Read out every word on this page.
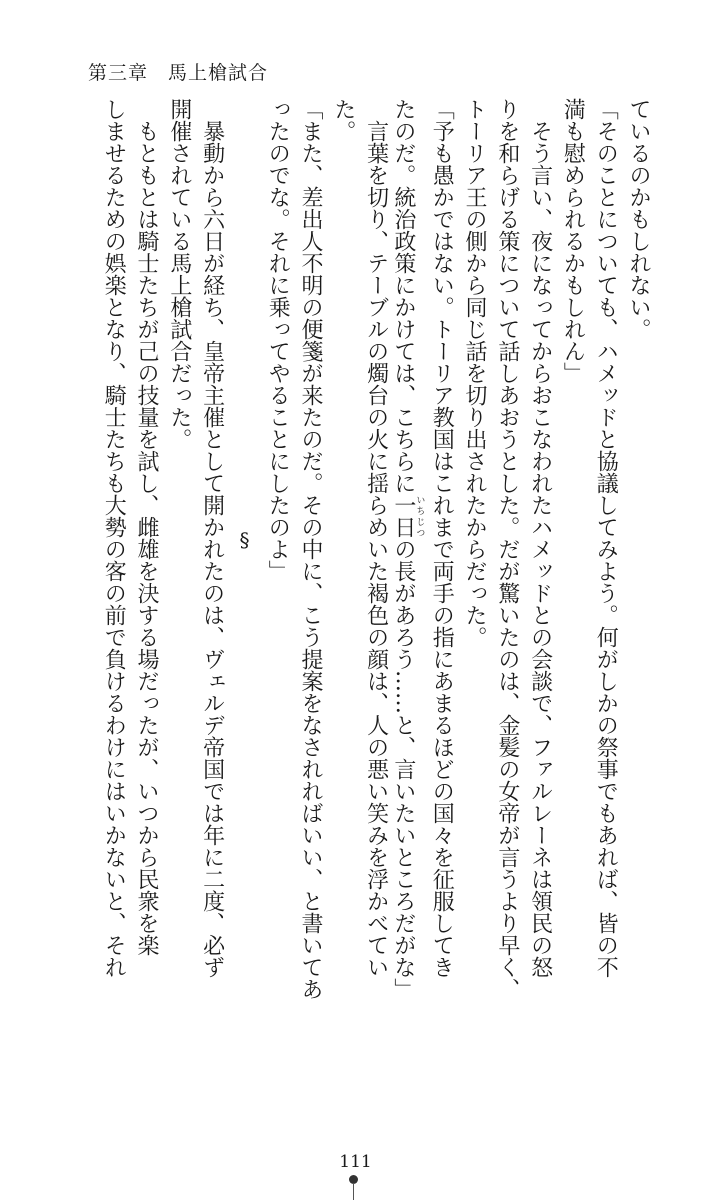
第三章　馬上槍試合
ているのかもしれない。
「そのことについても、ハメッドと協議してみよう。何がしかの祭事でもあれば、皆の不
満も慰められるかもしれん」
　そう言い、夜になってからおこなわれたハメッドとの会談で、ファルレーネは領民の怒
りを和らげる策について話しあおうとした。だが驚いたのは、金髪の女帝が言うより早く、
トーリア王の側から同じ話を切り出されたからだった。
「予も愚かではない。トーリア教国はこれまで両手の指にあまるほどの国々を征服してき
たのだ。統治政策にかけては、こちらに一日いちじつの長があろう……と、言いたいところだがな」
　言葉を切り、テーブルの燭台の火に揺らめいた褐色の顔は、人の悪い笑みを浮かべてい
た。
「また、差出人不明の便箋が来たのだ。その中に、こう提案をなされればいい、と書いてあ
ったのでな。それに乗ってやることにしたのよ」
§
　暴動から六日が経ち、皇帝主催として開かれたのは、ヴェルデ帝国では年に二度、必ず
開催されている馬上槍試合だった。
　もともとは騎士たちが己の技量を試し、雌雄を決する場だったが、いつから民衆を楽
しませるための娯楽となり、騎士たちも大勢の客の前で負けるわけにはいかないと、それ
111
